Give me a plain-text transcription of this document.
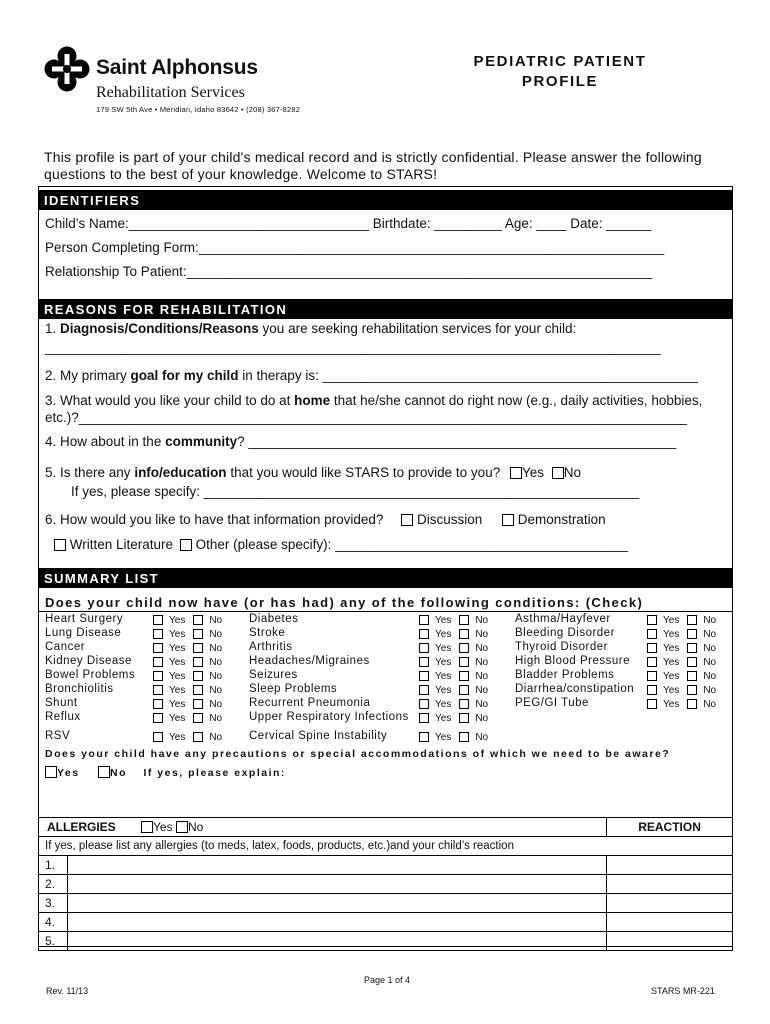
Saint Alphonsus
Rehabilitation Services
179 SW 5th Ave • Meridian, Idaho 83642 • (208) 367-8282
PEDIATRIC PATIENT
PROFILE
This profile is part of your child's medical record and is strictly confidential. Please answer the following questions to the best of your knowledge. Welcome to STARS!
IDENTIFIERS
Child’s Name:________________________________ Birthdate: _________ Age: ____ Date: ______
Person Completing Form:______________________________________________________________
Relationship To Patient:______________________________________________________________
REASONS FOR REHABILITATION
1. Diagnosis/Conditions/Reasons you are seeking rehabilitation services for your child:
__________________________________________________________________________________
2. My primary goal for my child in therapy is: __________________________________________________
3. What would you like your child to do at home that he/she cannot do right now (e.g., daily activities, hobbies,
etc.)?_________________________________________________________________________________
4. How about in the community? _________________________________________________________
5. Is there any info/education that you would like STARS to provide to you? Yes No
If yes, please specify: __________________________________________________________
6. How would you like to have that information provided? Discussion	Demonstration
Written Literature Other (please specify): _______________________________________
SUMMARY LIST
Does your child now have (or has had) any of the following conditions: (Check)
Heart Surgery	Yes No
Lung Disease	Yes No
Cancer	Yes No
Kidney Disease	Yes No
Bowel Problems	Yes No
Bronchiolitis	Yes No
Shunt	Yes No
Reflux	Yes No
RSV	Yes No
Diabetes	Yes No
Stroke	Yes No
Arthritis	Yes No
Headaches/Migraines	Yes No
Seizures	Yes No
Sleep Problems	Yes No
Recurrent Pneumonia	Yes No
Upper Respiratory Infections	Yes No
Cervical Spine Instability	Yes No
Asthma/Hayfever	Yes No
Bleeding Disorder	Yes No
Thyroid Disorder	Yes No
High Blood Pressure	Yes No
Bladder Problems	Yes No
Diarrhea/constipation	Yes No
PEG/GI Tube	Yes No
Does your child have any precautions or special accommodations of which we need to be aware?
Yes	No If yes, please explain:
ALLERGIES Yes No		REACTION
If yes, please list any allergies (to meds, latex, foods, products, etc.)and your child’s reaction		
1.		
2.		
3.		
4.		
5.		
Rev. 11/13
Page 1 of 4
STARS MR-221
